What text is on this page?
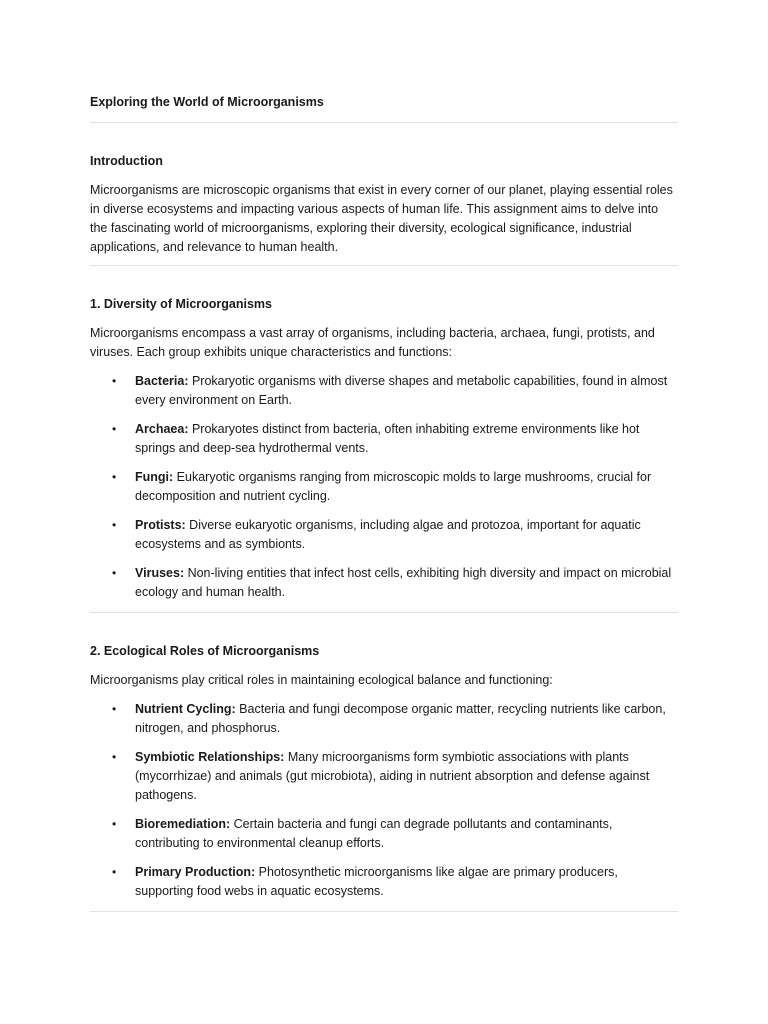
Exploring the World of Microorganisms
Introduction

Microorganisms are microscopic organisms that exist in every corner of our planet, playing essential roles in diverse ecosystems and impacting various aspects of human life. This assignment aims to delve into the fascinating world of microorganisms, exploring their diversity, ecological significance, industrial applications, and relevance to human health.

1. Diversity of Microorganisms

Microorganisms encompass a vast array of organisms, including bacteria, archaea, fungi, protists, and viruses. Each group exhibits unique characteristics and functions:

• Bacteria: Prokaryotic organisms with diverse shapes and metabolic capabilities, found in almost every environment on Earth.
• Archaea: Prokaryotes distinct from bacteria, often inhabiting extreme environments like hot springs and deep-sea hydrothermal vents.
• Fungi: Eukaryotic organisms ranging from microscopic molds to large mushrooms, crucial for decomposition and nutrient cycling.
• Protists: Diverse eukaryotic organisms, including algae and protozoa, important for aquatic ecosystems and as symbionts.
• Viruses: Non-living entities that infect host cells, exhibiting high diversity and impact on microbial ecology and human health.
2. Ecological Roles of Microorganisms

Microorganisms play critical roles in maintaining ecological balance and functioning:

• Nutrient Cycling: Bacteria and fungi decompose organic matter, recycling nutrients like carbon, nitrogen, and phosphorus.
• Symbiotic Relationships: Many microorganisms form symbiotic associations with plants (mycorrhizae) and animals (gut microbiota), aiding in nutrient absorption and defense against pathogens.
• Bioremediation: Certain bacteria and fungi can degrade pollutants and contaminants, contributing to environmental cleanup efforts.
• Primary Production: Photosynthetic microorganisms like algae are primary producers, supporting food webs in aquatic ecosystems.
